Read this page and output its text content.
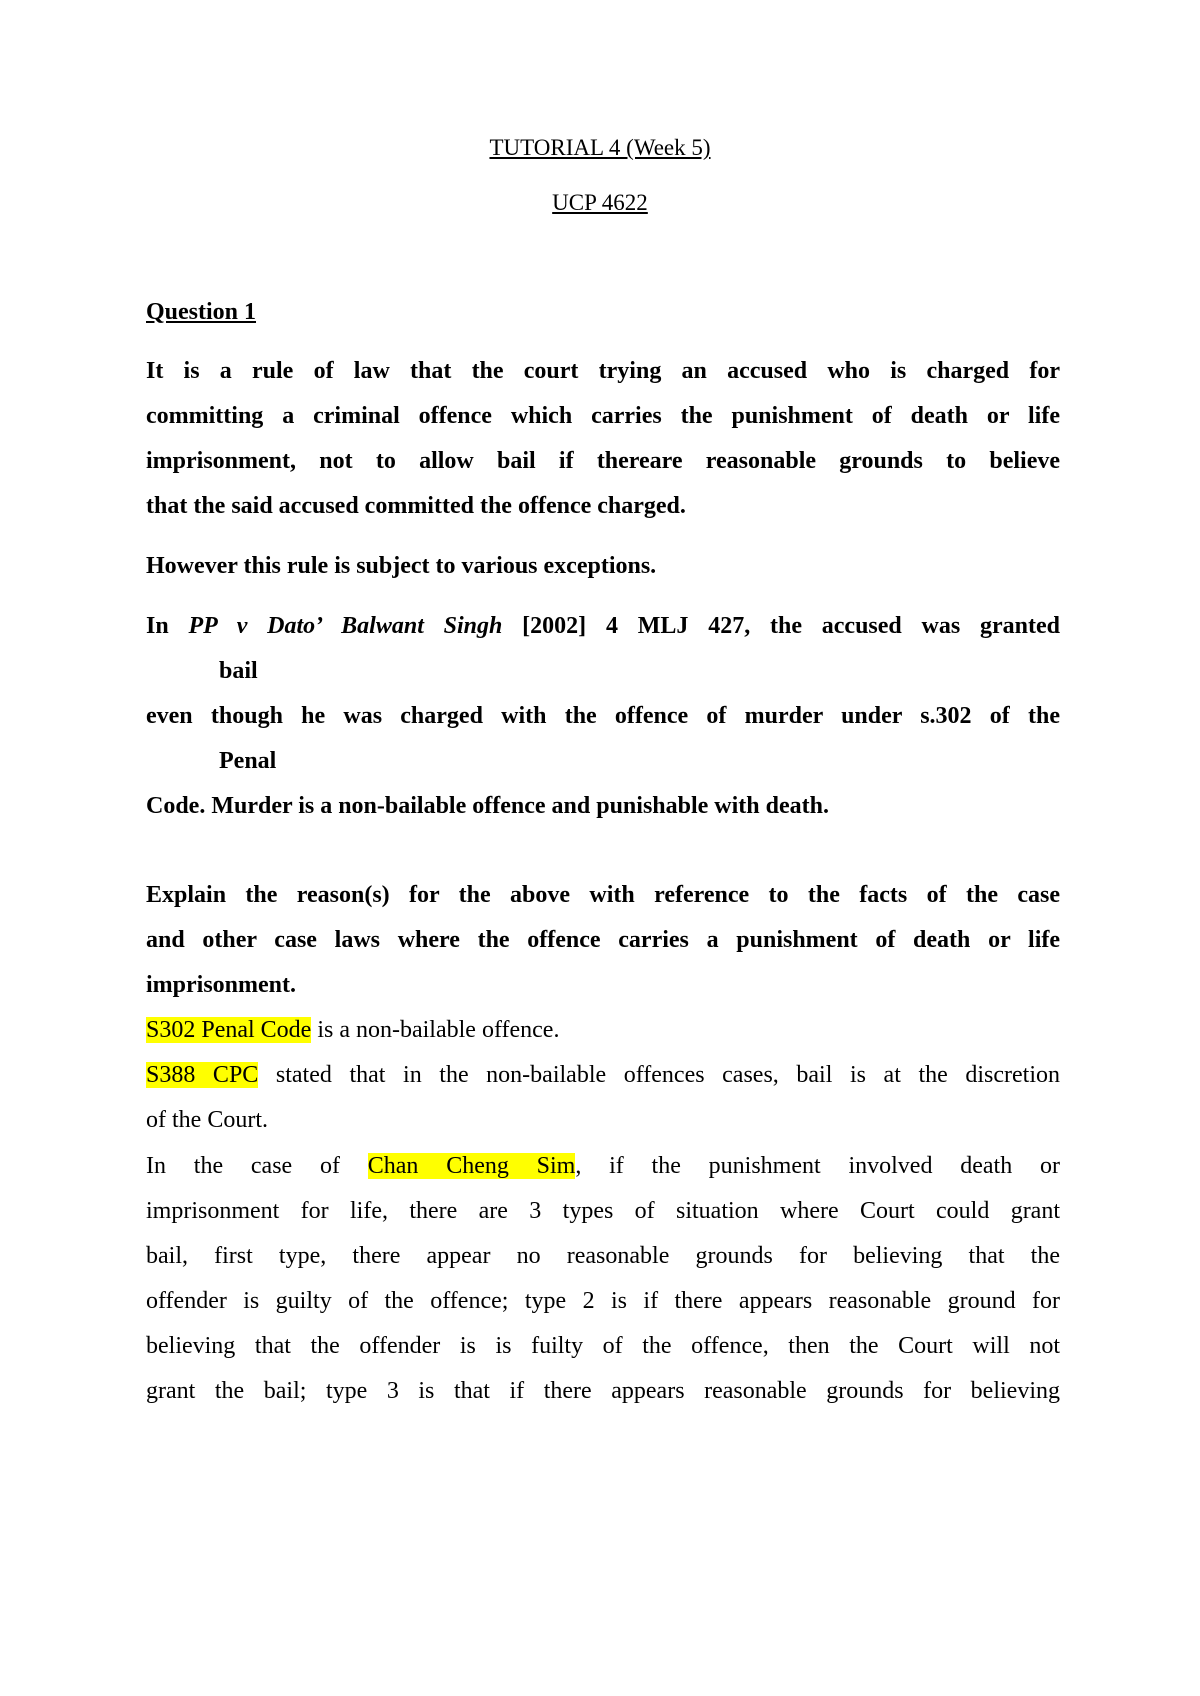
TUTORIAL 4 (Week 5)
UCP 4622
Question 1
It is a rule of law that the court trying an accused who is charged for
committing a criminal offence which carries the punishment of death or life
imprisonment, not to allow bail if thereare reasonable grounds to believe
that the said accused committed the offence charged.
However this rule is subject to various exceptions.
In PP v Dato’ Balwant Singh [2002] 4 MLJ 427, the accused was granted
bail
even though he was charged with the offence of murder under s.302 of the
Penal
Code. Murder is a non-bailable offence and punishable with death.
Explain the reason(s) for the above with reference to the facts of the case
and other case laws where the offence carries a punishment of death or life
imprisonment.
S302 Penal Code is a non-bailable offence.
S388 CPC stated that in the non-bailable offences cases, bail is at the discretion
of the Court.
In the case of Chan Cheng Sim, if the punishment involved death or
imprisonment for life, there are 3 types of situation where Court could grant
bail, first type, there appear no reasonable grounds for believing that the
offender is guilty of the offence; type 2 is if there appears reasonable ground for
believing that the offender is is fuilty of the offence, then the Court will not
grant the bail; type 3 is that if there appears reasonable grounds for believing
